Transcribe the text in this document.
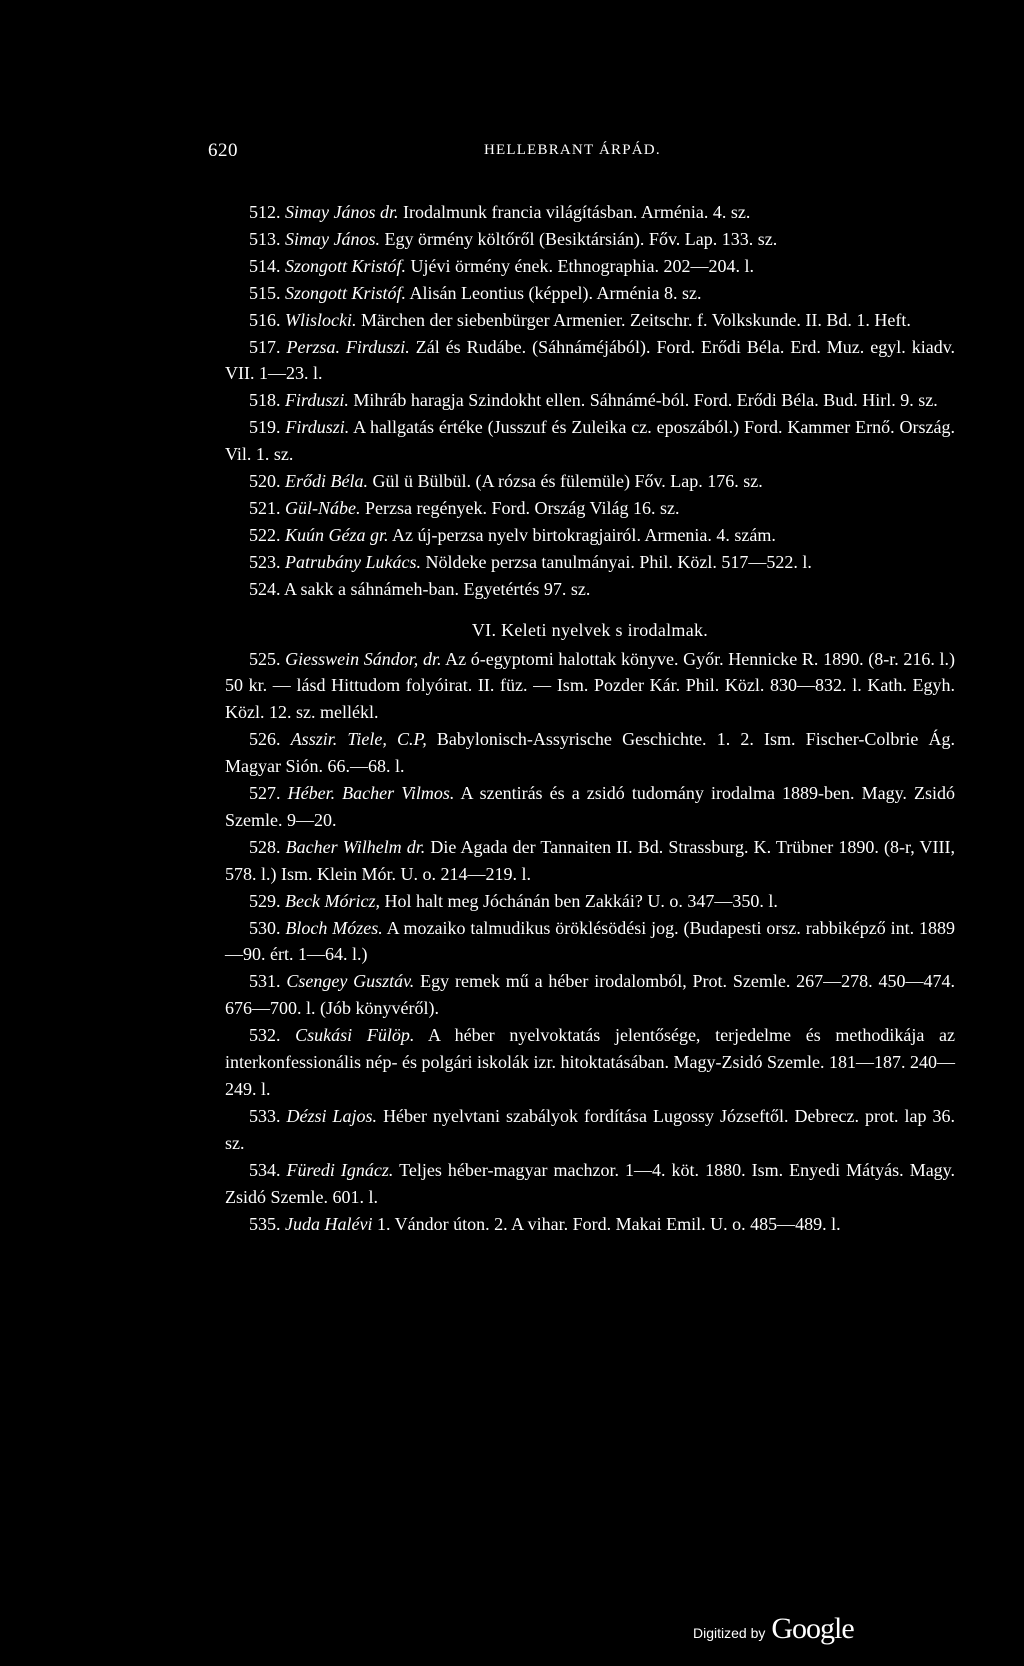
620	HELLEBRANT ÁRPÁD.

512. Simay János dr. Irodalmunk francia világításban. Arménia. 4. sz.

513. Simay János. Egy örmény költőről (Besiktársián). Főv. Lap. 133. sz.

514. Szongott Kristóf. Ujévi örmény ének. Ethnographia. 202—204. l.

515. Szongott Kristóf. Alisán Leontius (képpel). Arménia 8. sz.

516. Wlislocki. Märchen der siebenbürger Armenier. Zeitschr. f. Volkskunde. II. Bd. 1. Heft.

517. Perzsa. Firduszi. Zál és Rudábe. (Sáhnáméjából). Ford. Erődi Béla. Erd. Muz. egyl. kiadv. VII. 1—23. l.

518. Firduszi. Mihráb haragja Szindokht ellen. Sáhnámé-ból. Ford. Erődi Béla. Bud. Hirl. 9. sz.

519. Firduszi. A hallgatás értéke (Jusszuf és Zuleika cz. eposzából.) Ford. Kammer Ernő. Ország. Vil. 1. sz.

520. Erődi Béla. Gül ü Bülbül. (A rózsa és fülemüle) Főv. Lap. 176. sz.

521. Gül-Nábe. Perzsa regények. Ford. Ország Világ 16. sz.

522. Kuún Géza gr. Az új-perzsa nyelv birtokragjairól. Armenia. 4. szám.

523. Patrubány Lukács. Nöldeke perzsa tanulmányai. Phil. Közl. 517—522. l.

524. A sakk a sáhnámeh-ban. Egyetértés 97. sz.

VI. Keleti nyelvek s irodalmak.

525. Giesswein Sándor, dr. Az ó-egyptomi halottak könyve. Győr. Hennicke R. 1890. (8-r. 216. l.) 50 kr. — lásd Hittudom folyóirat. II. füz. — Ism. Pozder Kár. Phil. Közl. 830—832. l. Kath. Egyh. Közl. 12. sz. mellékl.

526. Asszir. Tiele, C.P, Babylonisch-Assyrische Geschichte. 1. 2. Ism. Fischer-Colbrie Ág. Magyar Sión. 66.—68. l.

527. Héber. Bacher Vilmos. A szentirás és a zsidó tudomány irodalma 1889-ben. Magy. Zsidó Szemle. 9—20.

528. Bacher Wilhelm dr. Die Agada der Tannaiten II. Bd. Strassburg. K. Trübner 1890. (8-r, VIII, 578. l.) Ism. Klein Mór. U. o. 214—219. l.

529. Beck Móricz, Hol halt meg Jóchánán ben Zakkái? U. o. 347—350. l.

530. Bloch Mózes. A mozaiko talmudikus öröklésödési jog. (Budapesti orsz. rabbiképző int. 1889—90. ért. 1—64. l.)

531. Csengey Gusztáv. Egy remek mű a héber irodalomból, Prot. Szemle. 267—278. 450—474. 676—700. l. (Jób könyvéről).

532. Csukási Fülöp. A héber nyelvoktatás jelentősége, terjedelme és methodikája az interkonfessionális nép- és polgári iskolák izr. hitoktatásában. Magy-Zsidó Szemle. 181—187. 240—249. l.

533. Dézsi Lajos. Héber nyelvtani szabályok fordítása Lugossy Józseftől. Debrecz. prot. lap 36. sz.

534. Füredi Ignácz. Teljes héber-magyar machzor. 1—4. köt. 1880. Ism. Enyedi Mátyás. Magy. Zsidó Szemle. 601. l.

535. Juda Halévi 1. Vándor úton. 2. A vihar. Ford. Makai Emil. U. o. 485—489. l.

Digitized by Google
